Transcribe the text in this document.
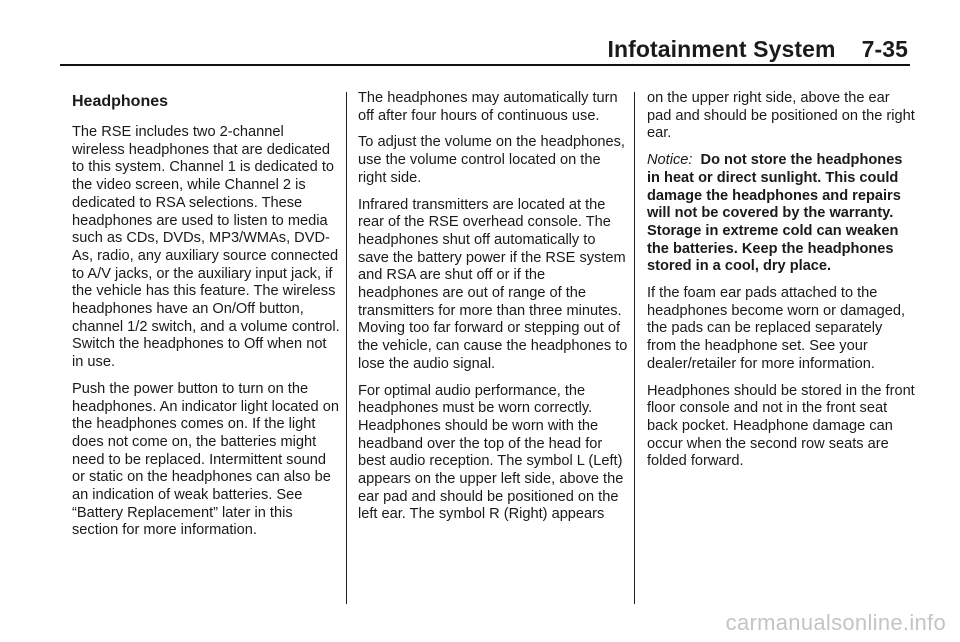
Infotainment System 7-35
Headphones

The RSE includes two 2-channel wireless headphones that are dedicated to this system. Channel 1 is dedicated to the video screen, while Channel 2 is dedicated to RSA selections. These headphones are used to listen to media such as CDs, DVDs, MP3/WMAs, DVD-As, radio, any auxiliary source connected to A/V jacks, or the auxiliary input jack, if the vehicle has this feature. The wireless headphones have an On/Off button, channel 1/2 switch, and a volume control. Switch the headphones to Off when not in use.

Push the power button to turn on the headphones. An indicator light located on the headphones comes on. If the light does not come on, the batteries might need to be replaced. Intermittent sound or static on the headphones can also be an indication of weak batteries. See “Battery Replacement” later in this section for more information.

The headphones may automatically turn off after four hours of continuous use.

To adjust the volume on the headphones, use the volume control located on the right side.

Infrared transmitters are located at the rear of the RSE overhead console. The headphones shut off automatically to save the battery power if the RSE system and RSA are shut off or if the headphones are out of range of the transmitters for more than three minutes. Moving too far forward or stepping out of the vehicle, can cause the headphones to lose the audio signal.

For optimal audio performance, the headphones must be worn correctly. Headphones should be worn with the headband over the top of the head for best audio reception. The symbol L (Left) appears on the upper left side, above the ear pad and should be positioned on the left ear. The symbol R (Right) appears

on the upper right side, above the ear pad and should be positioned on the right ear.

Notice: Do not store the headphones in heat or direct sunlight. This could damage the headphones and repairs will not be covered by the warranty. Storage in extreme cold can weaken the batteries. Keep the headphones stored in a cool, dry place.

If the foam ear pads attached to the headphones become worn or damaged, the pads can be replaced separately from the headphone set. See your dealer/retailer for more information.

Headphones should be stored in the front floor console and not in the front seat back pocket. Headphone damage can occur when the second row seats are folded forward.

carmanualsonline.info
